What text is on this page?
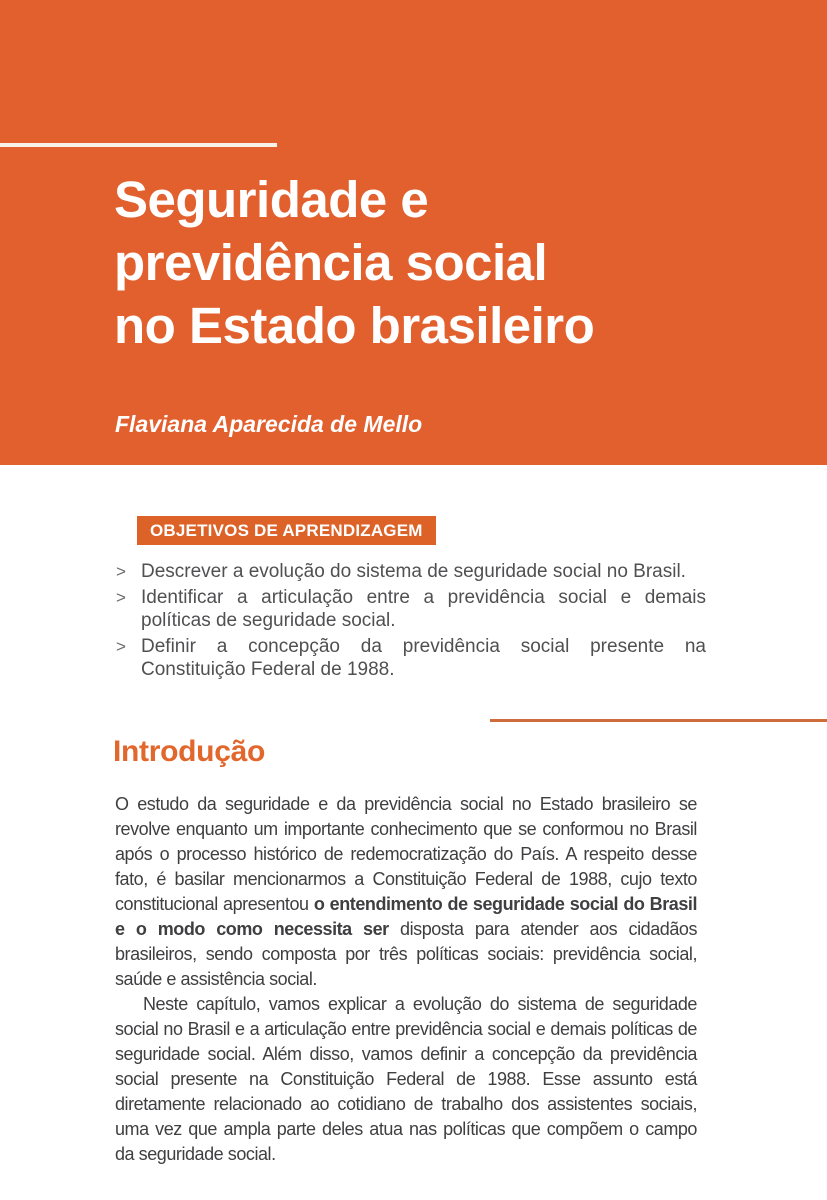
Seguridade e
previdência social
no Estado brasileiro
Flaviana Aparecida de Mello
OBJETIVOS DE APRENDIZAGEM
> Descrever a evolução do sistema de seguridade social no Brasil.
> Identificar a articulação entre a previdência social e demais políticas de seguridade social.
> Definir a concepção da previdência social presente na Constituição Federal de 1988.
Introdução

O estudo da seguridade e da previdência social no Estado brasileiro se revolve enquanto um importante conhecimento que se conformou no Brasil após o processo histórico de redemocratização do País. A respeito desse fato, é basilar mencionarmos a Constituição Federal de 1988, cujo texto constitucional apresentou o entendimento de seguridade social do Brasil e o modo como necessita ser disposta para atender aos cidadãos brasileiros, sendo composta por três políticas sociais: previdência social, saúde e assistência social.

Neste capítulo, vamos explicar a evolução do sistema de seguridade social no Brasil e a articulação entre previdência social e demais políticas de seguridade social. Além disso, vamos definir a concepção da previdência social presente na Constituição Federal de 1988. Esse assunto está diretamente relacionado ao cotidiano de trabalho dos assistentes sociais, uma vez que ampla parte deles atua nas políticas que compõem o campo da seguridade social.
